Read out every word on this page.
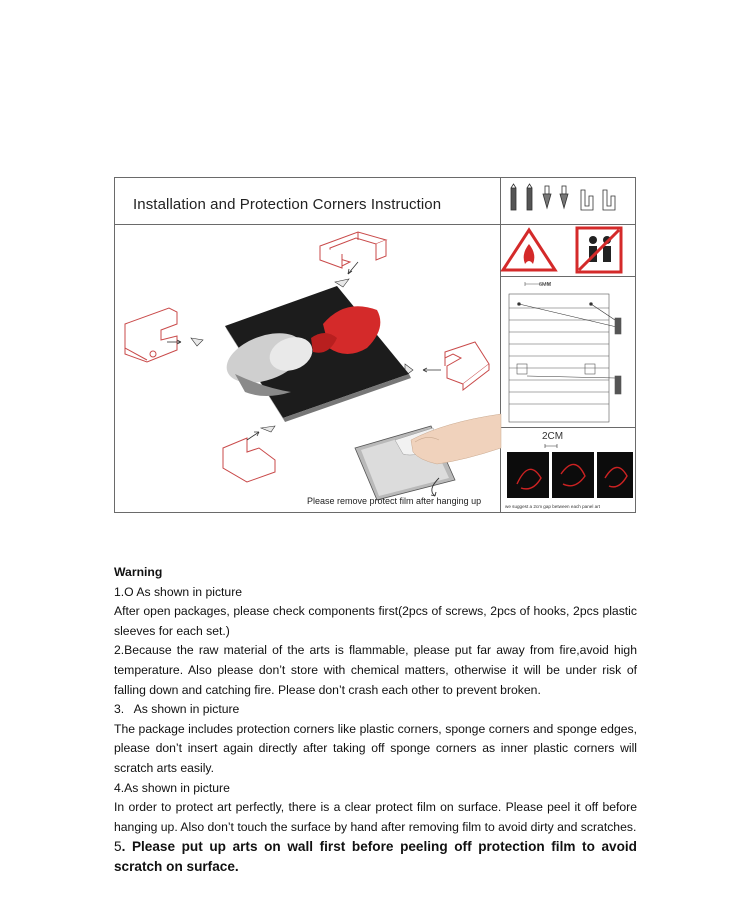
Installation and Protection Corners Instruction
6MM
2CM
Please remove protect film after hanging up
we suggest a 2cm gap between each panel art

Warning

1.O As shown in picture

After open packages, please check components first(2pcs of screws, 2pcs of hooks, 2pcs plastic sleeves for each set.)

2.Because the raw material of the arts is flammable, please put far away from fire,avoid high temperature. Also please don’t store with chemical matters, otherwise it will be under risk of falling down and catching fire. Please don’t crash each other to prevent broken.

3.   As shown in picture

The package includes protection corners like plastic corners, sponge corners and sponge edges, please don’t insert again directly after taking off sponge corners as inner plastic corners will scratch arts easily.

4.As shown in picture

In order to protect art perfectly, there is a clear protect film on surface. Please peel it off before hanging up. Also don’t touch the surface by hand after removing film to avoid dirty and scratches.

5. Please put up arts on wall first before peeling off protection film to avoid scratch on surface.
